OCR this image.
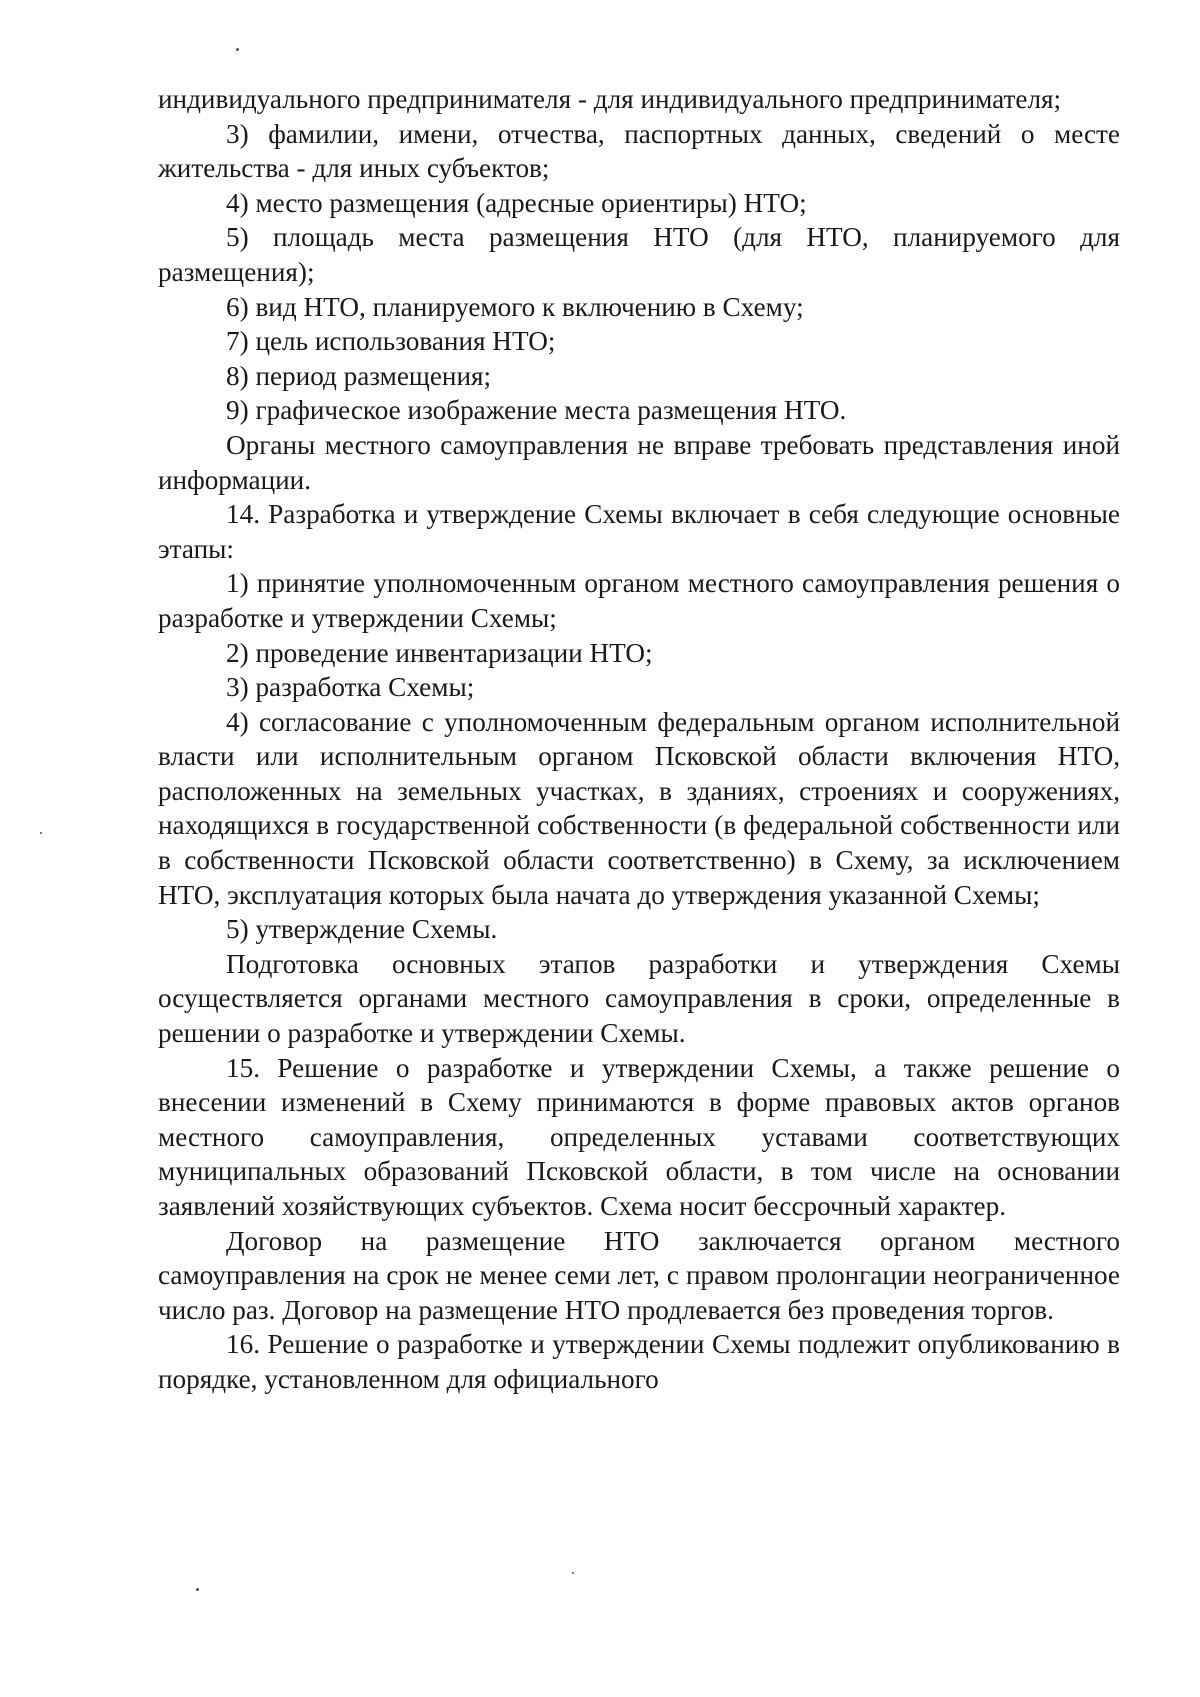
индивидуального предпринимателя - для индивидуального предпринимателя;

3) фамилии, имени, отчества, паспортных данных, сведений о месте жительства - для иных субъектов;

4) место размещения (адресные ориентиры) НТО;

5) площадь места размещения НТО (для НТО, планируемого для размещения);

6) вид НТО, планируемого к включению в Схему;

7) цель использования НТО;

8) период размещения;

9) графическое изображение места размещения НТО.

Органы местного самоуправления не вправе требовать представления иной информации.

14. Разработка и утверждение Схемы включает в себя следующие основные этапы:

1) принятие уполномоченным органом местного самоуправления решения о разработке и утверждении Схемы;

2) проведение инвентаризации НТО;

3) разработка Схемы;

4) согласование с уполномоченным федеральным органом исполнительной власти или исполнительным органом Псковской области включения НТО, расположенных на земельных участках, в зданиях, строениях и сооружениях, находящихся в государственной собственности (в федеральной собственности или в собственности Псковской области соответственно) в Схему, за исключением НТО, эксплуатация которых была начата до утверждения указанной Схемы;

5) утверждение Схемы.

Подготовка основных этапов разработки и утверждения Схемы осуществляется органами местного самоуправления в сроки, определенные в решении о разработке и утверждении Схемы.

15. Решение о разработке и утверждении Схемы, а также решение о внесении изменений в Схему принимаются в форме правовых актов органов местного самоуправления, определенных уставами соответствующих муниципальных образований Псковской области, в том числе на основании заявлений хозяйствующих субъектов. Схема носит бессрочный характер.

Договор на размещение НТО заключается органом местного самоуправления на срок не менее семи лет, с правом пролонгации неограниченное число раз. Договор на размещение НТО продлевается без проведения торгов.

16. Решение о разработке и утверждении Схемы подлежит опубликованию в порядке, установленном для официального
